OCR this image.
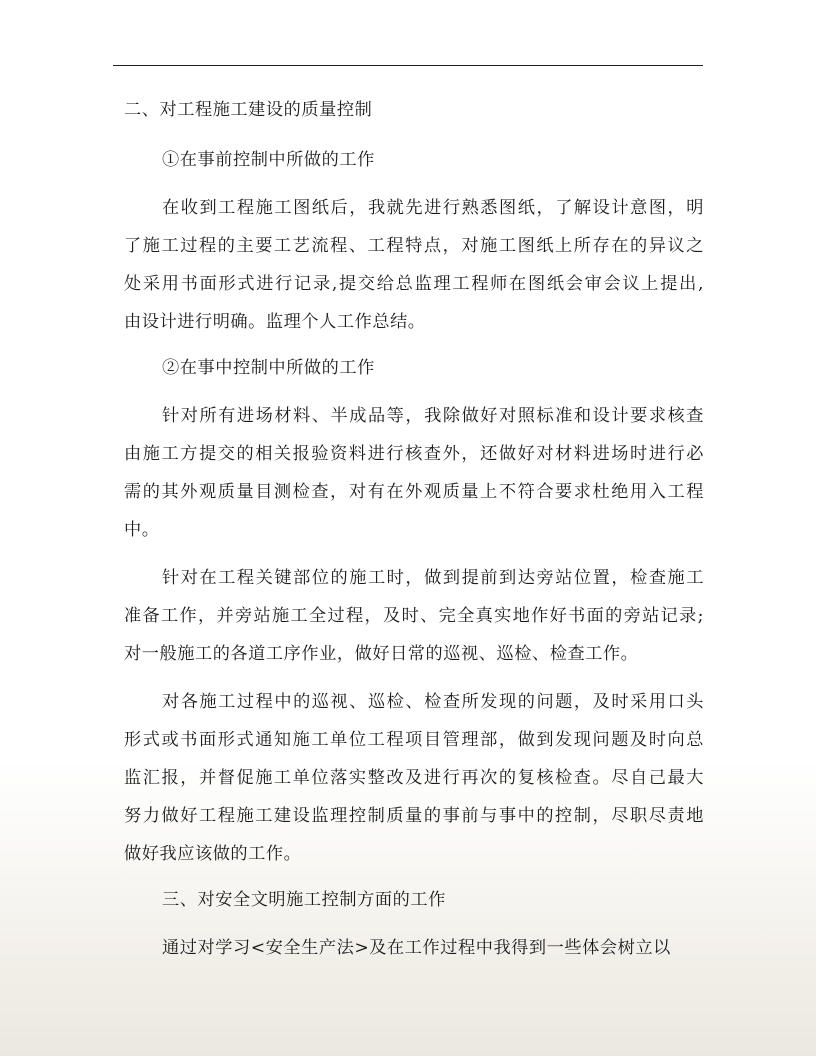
二、对工程施工建设的质量控制
①在事前控制中所做的工作
在收到工程施工图纸后，我就先进行熟悉图纸，了解设计意图，明
了施工过程的主要工艺流程、工程特点，对施工图纸上所存在的异议之
处采用书面形式进行记录,提交给总监理工程师在图纸会审会议上提出,
由设计进行明确。监理个人工作总结。
②在事中控制中所做的工作
针对所有进场材料、半成品等，我除做好对照标准和设计要求核查
由施工方提交的相关报验资料进行核查外，还做好对材料进场时进行必
需的其外观质量目测检查，对有在外观质量上不符合要求杜绝用入工程
中。
针对在工程关键部位的施工时，做到提前到达旁站位置，检查施工
准备工作，并旁站施工全过程，及时、完全真实地作好书面的旁站记录;
对一般施工的各道工序作业，做好日常的巡视、巡检、检查工作。
对各施工过程中的巡视、巡检、检查所发现的问题，及时采用口头
形式或书面形式通知施工单位工程项目管理部，做到发现问题及时向总
监汇报，并督促施工单位落实整改及进行再次的复核检查。尽自己最大
努力做好工程施工建设监理控制质量的事前与事中的控制，尽职尽责地
做好我应该做的工作。
三、对安全文明施工控制方面的工作
通过对学习<安全生产法>及在工作过程中我得到一些体会树立以
